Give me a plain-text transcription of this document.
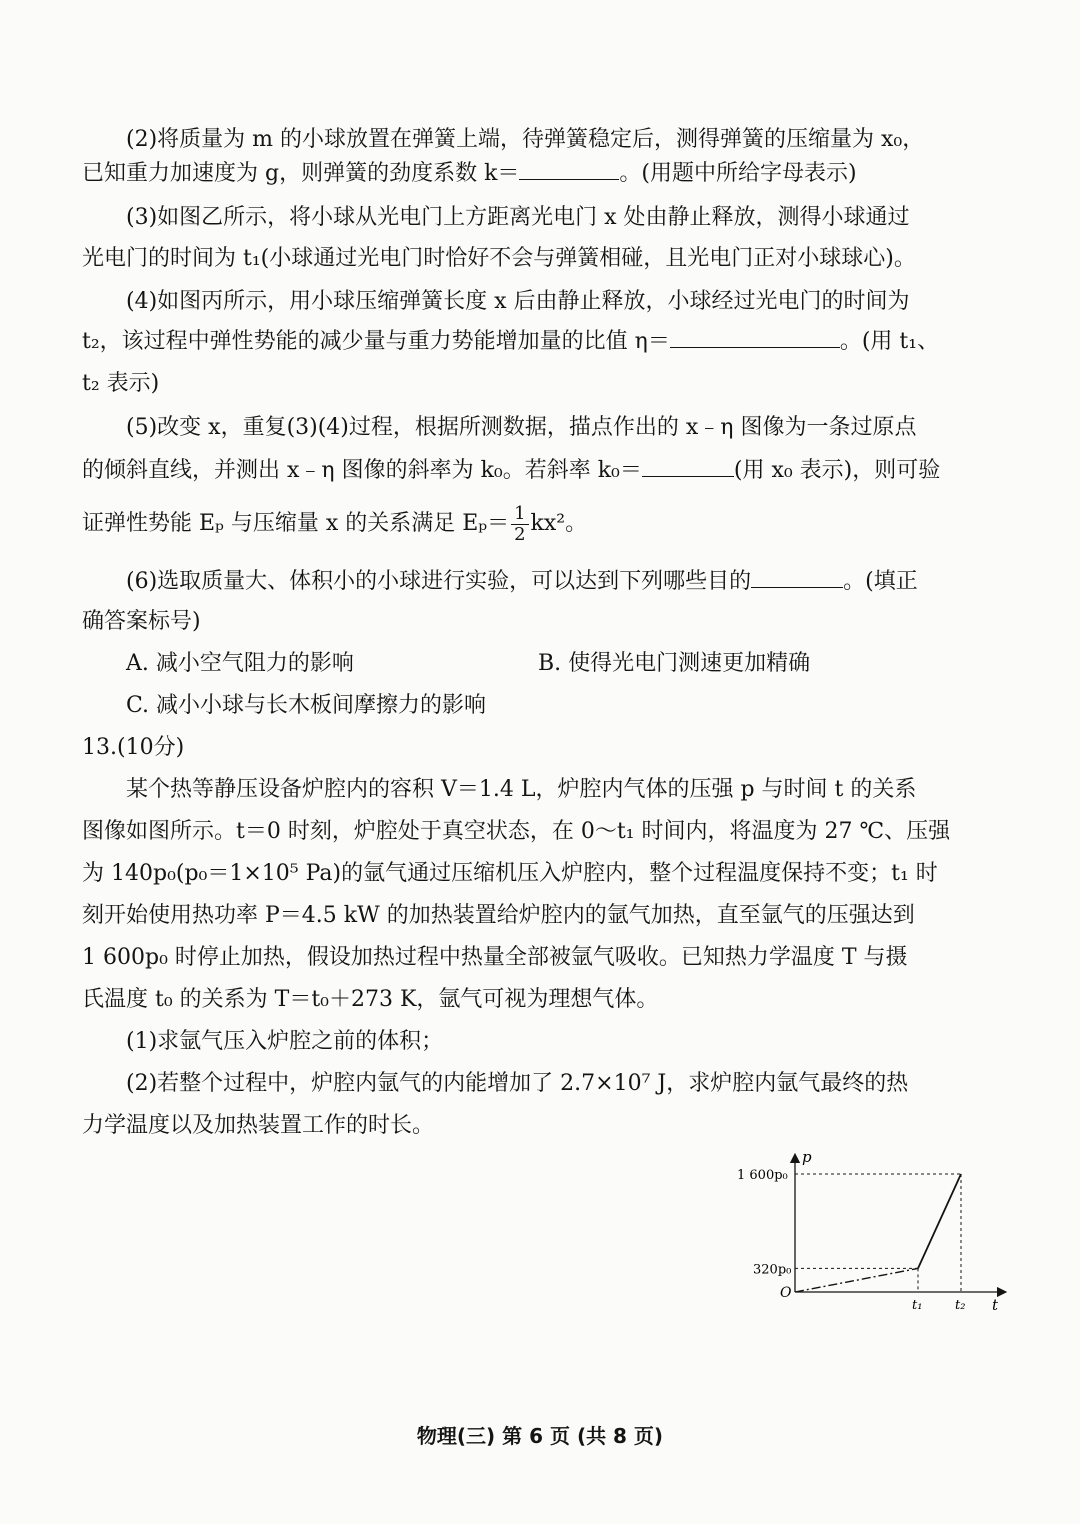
(2)将质量为 m 的小球放置在弹簧上端，待弹簧稳定后，测得弹簧的压缩量为 x₀，

已知重力加速度为 g，则弹簧的劲度系数 k＝	。(用题中所给字母表示)

(3)如图乙所示，将小球从光电门上方距离光电门 x 处由静止释放，测得小球通过

光电门的时间为 t₁(小球通过光电门时恰好不会与弹簧相碰，且光电门正对小球球心)。

(4)如图丙所示，用小球压缩弹簧长度 x 后由静止释放，小球经过光电门的时间为

t₂，该过程中弹性势能的减少量与重力势能增加量的比值 η＝	。(用 t₁、

t₂ 表示)

(5)改变 x，重复(3)(4)过程，根据所测数据，描点作出的 x﹣η 图像为一条过原点

的倾斜直线，并测出 x﹣η 图像的斜率为 k₀。若斜率 k₀＝	(用 x₀ 表示)，则可验

证弹性势能 Eₚ 与压缩量 x 的关系满足 $E_p= \frac{1}{2} kx^2$。

(6)选取质量大、体积小的小球进行实验，可以达到下列哪些目的	。(填正

确答案标号)

A. 减小空气阻力的影响	B. 使得光电门测速更加精确

C. 减小小球与长木板间摩擦力的影响

13.(10分)

某个热等静压设备炉腔内的容积 V＝1.4 L，炉腔内气体的压强 p 与时间 t 的关系

图像如图所示。t＝0 时刻，炉腔处于真空状态，在 0～t₁ 时间内，将温度为 27 ℃、压强

为 140p₀(p₀＝1×10⁵ Pa)的氩气通过压缩机压入炉腔内，整个过程温度保持不变；t₁ 时

刻开始使用热功率 P＝4.5 kW 的加热装置给炉腔内的氩气加热，直至氩气的压强达到

1 600p₀ 时停止加热，假设加热过程中热量全部被氩气吸收。已知热力学温度 T 与摄

氏温度 t₀ 的关系为 T＝t₀＋273 K，氩气可视为理想气体。

(1)求氩气压入炉腔之前的体积；

(2)若整个过程中，炉腔内氩气的内能增加了 2.7×10⁷ J，求炉腔内氩气最终的热

力学温度以及加热装置工作的时长。

p
t
O
320p₀
1 600p₀
t₁	t₂
物理(三) 第 6 页 (共 8 页)
